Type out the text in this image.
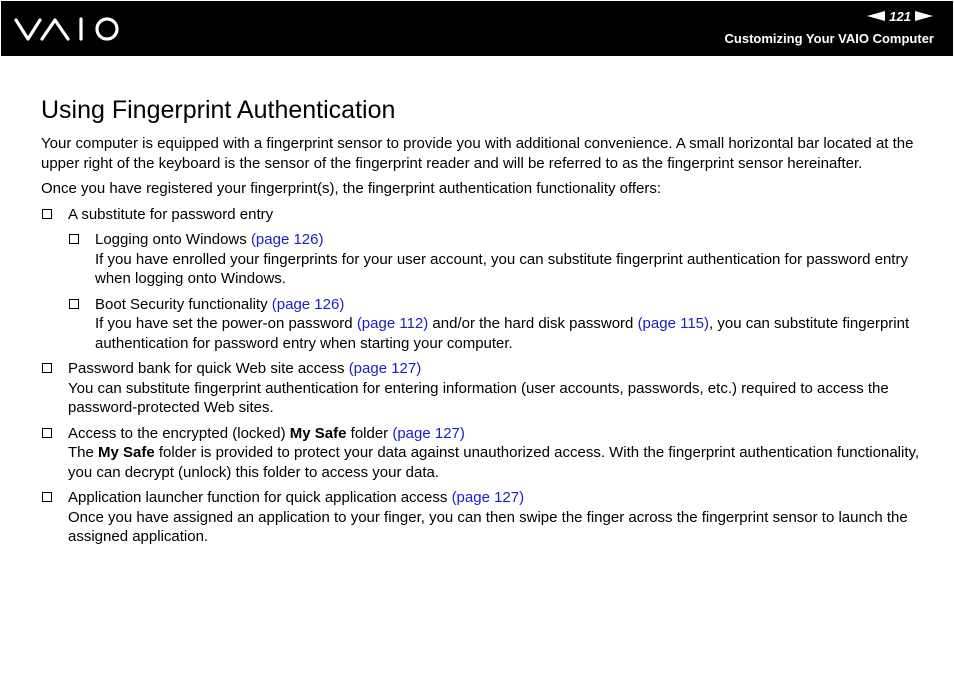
121
Customizing Your VAIO Computer
Using Fingerprint Authentication

Your computer is equipped with a fingerprint sensor to provide you with additional convenience. A small horizontal bar located at the upper right of the keyboard is the sensor of the fingerprint reader and will be referred to as the fingerprint sensor hereinafter.

Once you have registered your fingerprint(s), the fingerprint authentication functionality offers:

A substitute for password entry
Logging onto Windows (page 126)
If you have enrolled your fingerprints for your user account, you can substitute fingerprint authentication for password entry when logging onto Windows.
Boot Security functionality (page 126)
If you have set the power-on password (page 112) and/or the hard disk password (page 115), you can substitute fingerprint authentication for password entry when starting your computer.
Password bank for quick Web site access (page 127)
You can substitute fingerprint authentication for entering information (user accounts, passwords, etc.) required to access the password-protected Web sites.
Access to the encrypted (locked) My Safe folder (page 127)
The My Safe folder is provided to protect your data against unauthorized access. With the fingerprint authentication functionality, you can decrypt (unlock) this folder to access your data.
Application launcher function for quick application access (page 127)
Once you have assigned an application to your finger, you can then swipe the finger across the fingerprint sensor to launch the assigned application.
